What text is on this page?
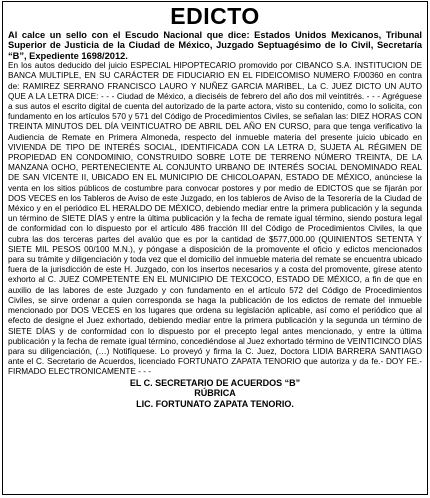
EDICTO

Al calce un sello con el Escudo Nacional que dice: Estados Unidos Mexicanos, Tribunal Superior de Justicia de la Ciudad de México, Juzgado Septuagésimo de lo Civil, Secretaría “B”, Expediente 1698/2012.

En los autos deducido del juicio ESPECIAL HIPOPTECARIO promovido por CIBANCO S.A. INSTITUCION DE BANCA MULTIPLE, EN SU CARÁCTER DE FIDUCIARIO EN EL FIDEICOMISO NUMERO F/00360 en contra de: RAMIREZ SERRANO FRANCISCO LAURO Y NUÑEZ GARCIA MARIBEL, La C. JUEZ DICTO UN AUTO QUE A LA LETRA DICE: - - - Ciudad de México, a dieciséis de febrero del año dos mil veintitrés. - - - Agréguese a sus autos el escrito digital de cuenta del autorizado de la parte actora, visto su contenido, como lo solicita, con fundamento en los artículos 570 y 571 del Código de Procedimientos Civiles, se señalan las: DIEZ HORAS CON TREINTA MINUTOS DEL DÍA VEINTICUATRO DE ABRIL DEL AÑO EN CURSO, para que tenga verificativo la Audiencia de Remate en Primera Almoneda, respecto del inmueble materia del presente juicio ubicado en VIVIENDA DE TIPO DE INTERÉS SOCIAL, IDENTIFICADA CON LA LETRA D, SUJETA AL RÉGIMEN DE PROPIEDAD EN CONDOMINIO, CONSTRUIDO SOBRE LOTE DE TERRENO NÚMERO TREINTA, DE LA MANZANA OCHO, PERTENECIENTE AL CONJUNTO URBANO DE INTERÉS SOCIAL DENOMINADO REAL DE SAN VICENTE II, UBICADO EN EL MUNICIPIO DE CHICOLOAPAN, ESTADO DE MÉXICO, anúnciese la venta en los sitios públicos de costumbre para convocar postores y por medio de EDICTOS que se fijarán por DOS VECES en los Tableros de Aviso de este Juzgado, en los tableros de Aviso de la Tesorería de la Ciudad de México y en el periódico EL HERALDO DE MÉXICO, debiendo mediar entre la primera publicación y la segunda un término de SIETE DÍAS y entre la última publicación y la fecha de remate igual término, siendo postura legal de conformidad con lo dispuesto por el artículo 486 fracción III del Código de Procedimientos Civiles, la que cubra las dos terceras partes del avalúo que es por la cantidad de $577,000.00 (QUINIENTOS SETENTA Y SIETE MIL PESOS 00/100 M.N.), y póngase a disposición de la promovente el oficio y edictos mencionados para su trámite y diligenciación y toda vez que el domicilio del inmueble materia del remate se encuentra ubicado fuera de la jurisdicción de este H. Juzgado, con los insertos necesarios y a costa del promovente, gírese atento exhorto al C. JUEZ COMPETENTE EN EL MUNICIPIO DE TEXCOCO, ESTADO DE MÉXICO, a fin de que en auxilio de las labores de este Juzgado y con fundamento en el artículo 572 del Código de Procedimientos Civiles, se sirve ordenar a quien corresponda se haga la publicación de los edictos de remate del inmueble mencionado por DOS VECES en los lugares que ordena su legislación aplicable, así como el periódico que al efecto de designe el Juez exhortado, debiendo mediar entre la primera publicación y la segunda un término de SIETE DÍAS y de conformidad con lo dispuesto por el precepto legal antes mencionado, y entre la última publicación y la fecha de remate igual término, concediéndose al Juez exhortado término de VEINTICINCO DÍAS para su diligenciación, (…) Notifíquese. Lo proveyó y firma la C. Juez, Doctora LIDIA BARRERA SANTIAGO ante el C. Secretario de Acuerdos, licenciado FORTUNATO ZAPATA TENORIO que autoriza y da fe.- DOY FE.- FIRMADO ELECTRONICAMENTE - - -

EL C. SECRETARIO DE ACUERDOS “B”

RÚBRICA

LIC. FORTUNATO ZAPATA TENORIO.
